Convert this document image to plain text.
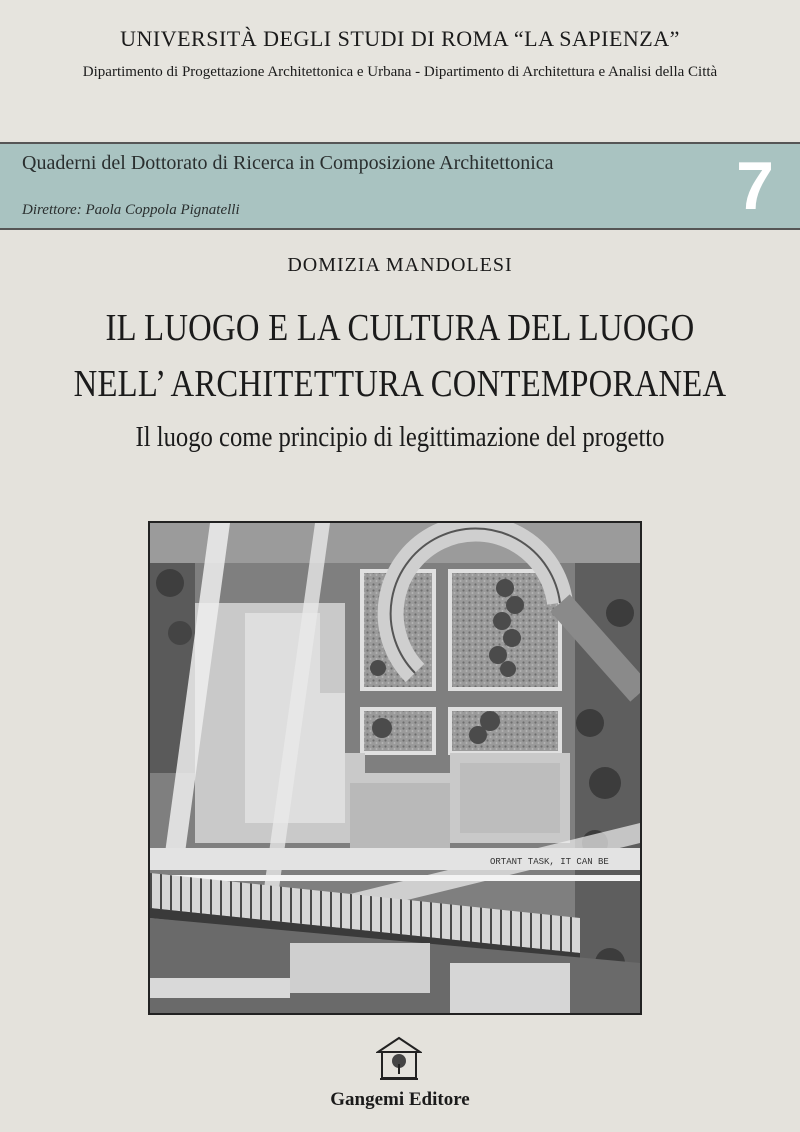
UNIVERSITÀ DEGLI STUDI DI ROMA “LA SAPIENZA”
Dipartimento di Progettazione Architettonica e Urbana - Dipartimento di Architettura e Analisi della Città
Quaderni del Dottorato di Ricerca in Composizione Architettonica
Direttore: Paola Coppola Pignatelli	7
DOMIZIA MANDOLESI
IL LUOGO E LA CULTURA DEL LUOGO
NELL’ ARCHITETTURA CONTEMPORANEA
Il luogo come principio di legittimazione del progetto
ORTANT TASK, IT CAN BE
Gangemi Editore
